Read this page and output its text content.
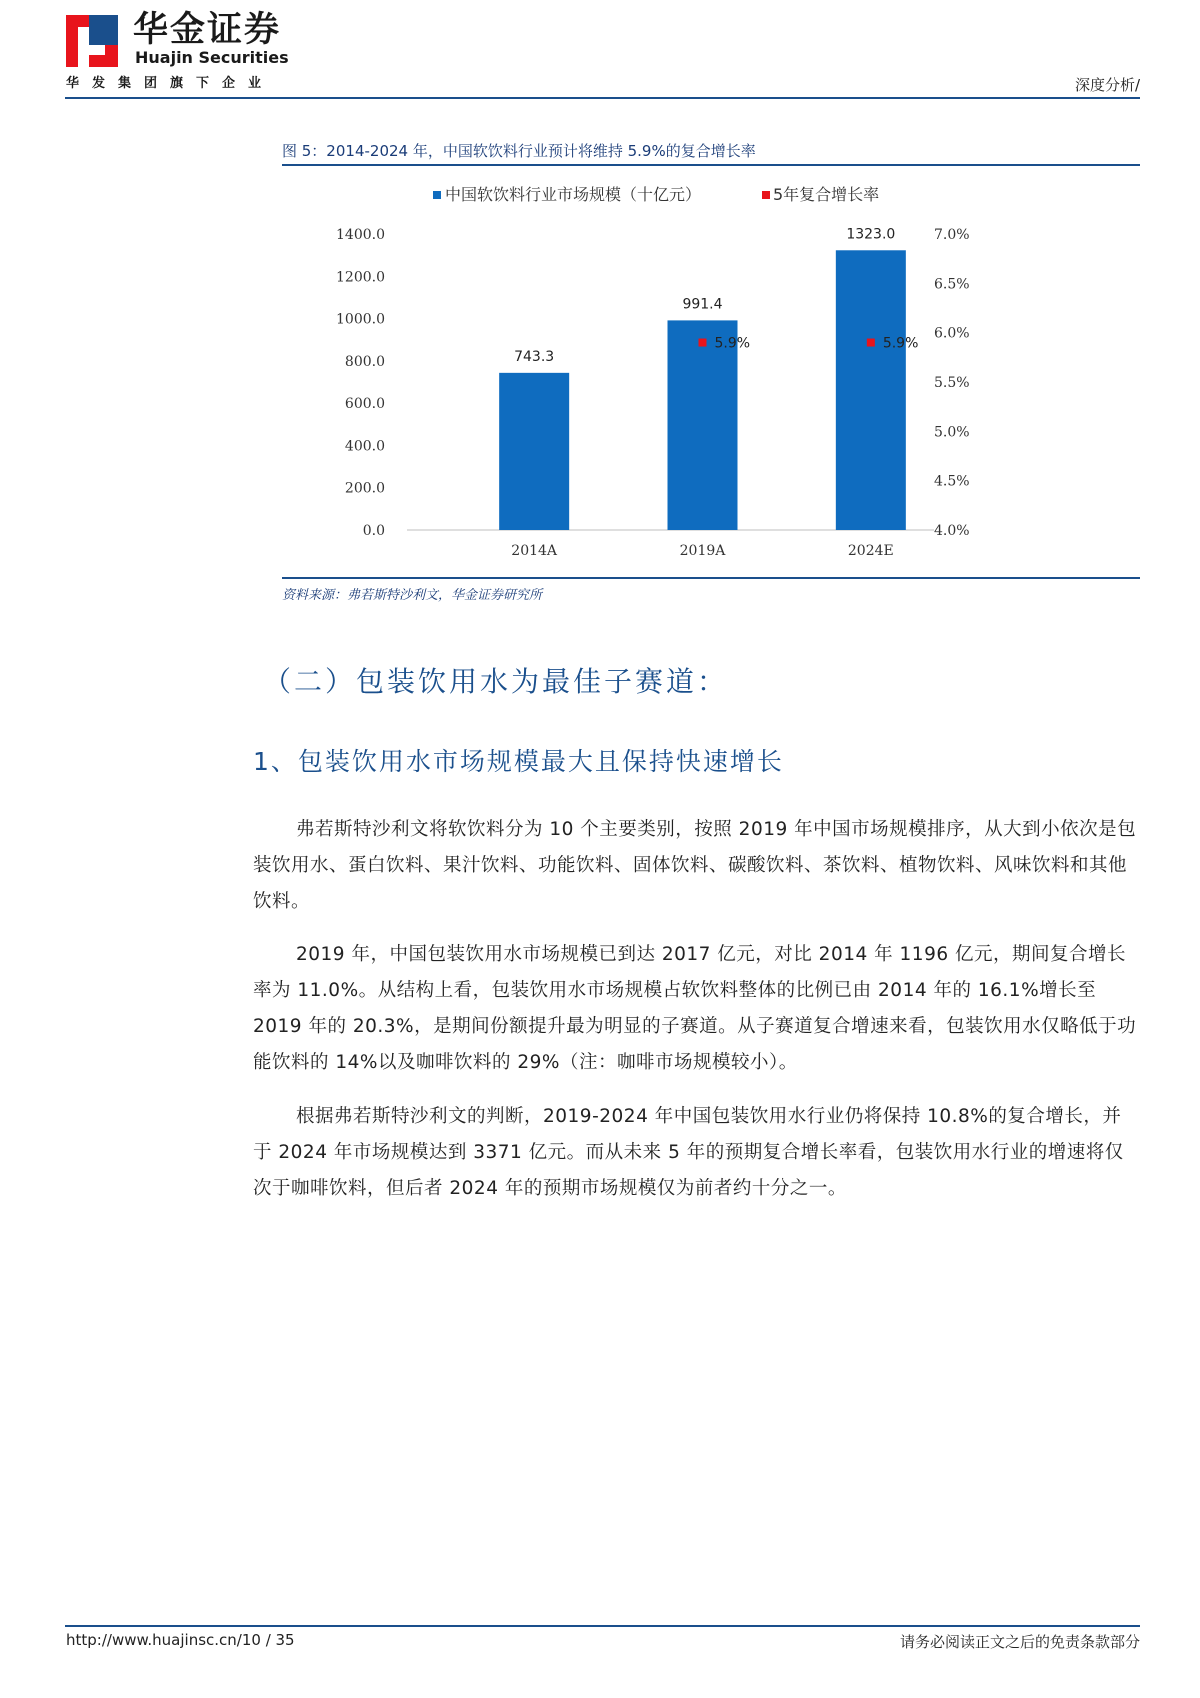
华金证券
Huajin Securities
华发集团旗下企业	深度分析/
图 5：2014-2024 年，中国软饮料行业预计将维持 5.9%的复合增长率
中国软饮料行业市场规模（十亿元）	5年复合增长率
0.0
200.0
400.0
600.0
800.0
1000.0
1200.0
1400.0
4.0%
4.5%
5.0%
5.5%
6.0%
6.5%
7.0%
743.3
991.4
1323.0
5.9%	5.9%
2014A	2019A	2024E
资料来源：弗若斯特沙利文，华金证券研究所
（二）包装饮用水为最佳子赛道：
1、包装饮用水市场规模最大且保持快速增长

弗若斯特沙利文将软饮料分为 10 个主要类别，按照 2019 年中国市场规模排序，从大到小依次是包装饮用水、蛋白饮料、果汁饮料、功能饮料、固体饮料、碳酸饮料、茶饮料、植物饮料、风味饮料和其他饮料。

2019 年，中国包装饮用水市场规模已到达 2017 亿元，对比 2014 年 1196 亿元，期间复合增长率为 11.0%。从结构上看，包装饮用水市场规模占软饮料整体的比例已由 2014 年的 16.1%增长至 2019 年的 20.3%，是期间份额提升最为明显的子赛道。从子赛道复合增速来看，包装饮用水仅略低于功能饮料的 14%以及咖啡饮料的 29%（注：咖啡市场规模较小）。

根据弗若斯特沙利文的判断，2019-2024 年中国包装饮用水行业仍将保持 10.8%的复合增长，并于 2024 年市场规模达到 3371 亿元。而从未来 5 年的预期复合增长率看，包装饮用水行业的增速将仅次于咖啡饮料，但后者 2024 年的预期市场规模仅为前者约十分之一。

http://www.huajinsc.cn/10 / 35	请务必阅读正文之后的免责条款部分
